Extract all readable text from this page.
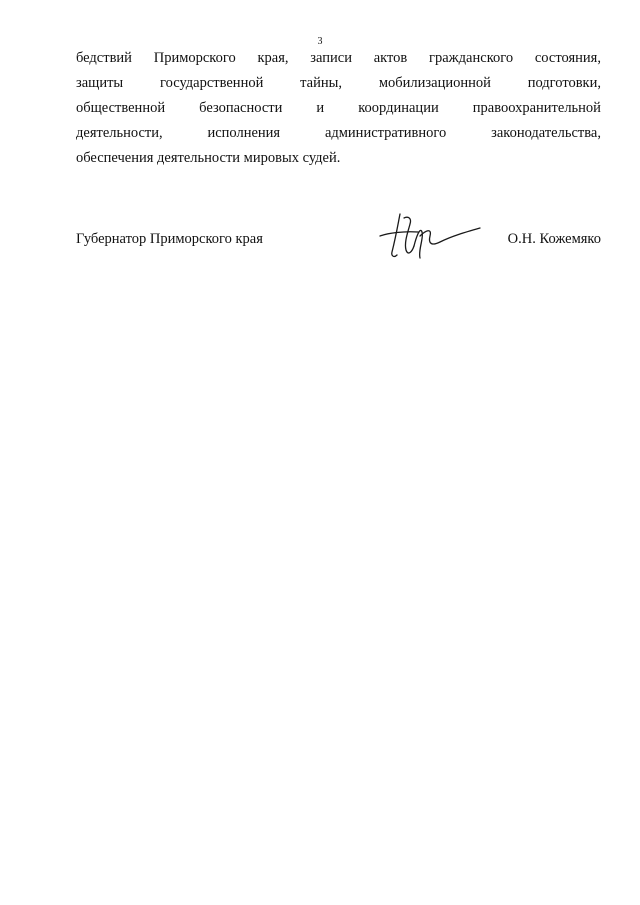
3
бедствий Приморского края, записи актов гражданского состояния,
защиты	государственной	тайны,	мобилизационной	подготовки,
общественной безопасности и координации правоохранительной
деятельности,	исполнения	административного	законодательства,
обеспечения деятельности мировых судей.
Губернатор Приморского края	О.Н. Кожемяко
